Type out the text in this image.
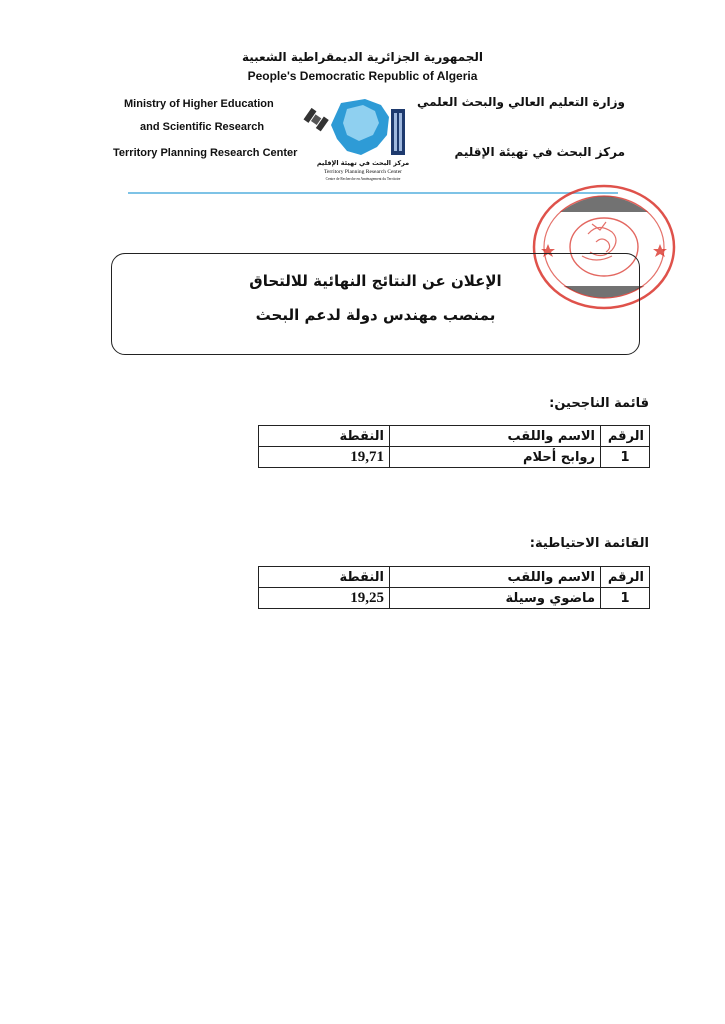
الجمهورية الجزائرية الديمقراطية الشعبية
People's Democratic Republic of Algeria
Ministry of Higher Education
and Scientific Research
Territory Planning Research Center
وزارة التعليم العالي والبحث العلمي
مركز البحث في تهيئة الإقليم
مركز البحث في تهيئة الإقليم
Territory Planning Research Center
Centre de Recherche en Aménagement du Territoire
الإعلان عن النتائج النهائية للالتحاق
بمنصب مهندس دولة لدعم البحث
قائمة الناجحين:
الرقم	الاسم واللقب	النقطة
1	روابح أحلام	19,71
القائمة الاحتياطية:
الرقم	الاسم واللقب	النقطة
1	ماضوي وسيلة	19,25
